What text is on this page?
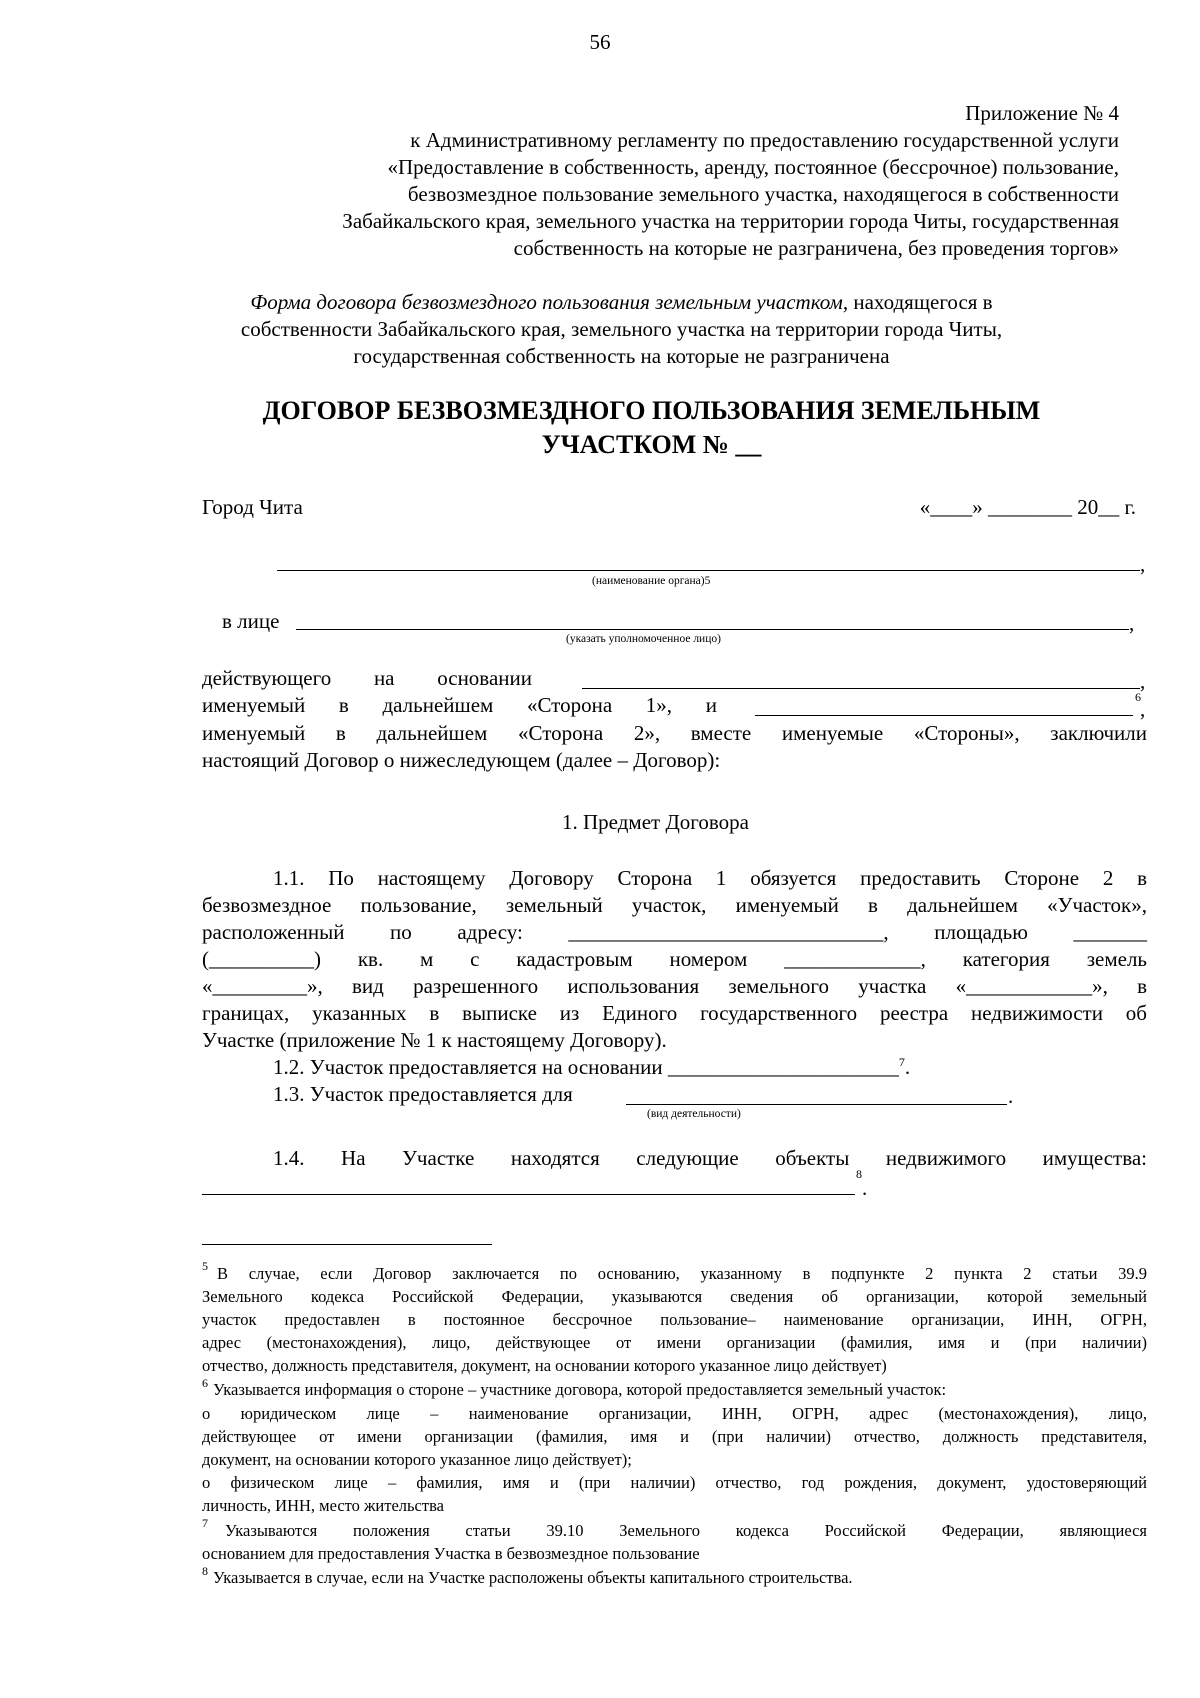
56
Приложение № 4
к Административному регламенту по предоставлению государственной услуги
«Предоставление в собственность, аренду, постоянное (бессрочное) пользование,
безвозмездное пользование земельного участка, находящегося в собственности
Забайкальского края, земельного участка на территории города Читы, государственная
собственность на которые не разграничена, без проведения торгов»
Форма договора безвозмездного пользования земельным участком, находящегося в
собственности Забайкальского края, земельного участка на территории города Читы,
государственная собственность на которые не разграничена
ДОГОВОР БЕЗВОЗМЕЗДНОГО ПОЛЬЗОВАНИЯ ЗЕМЕЛЬНЫМ
УЧАСТКОМ № __
Город Чита	«____» ________ 20__ г.
,
(наименование органа)5
в лице	,
(указать уполномоченное лицо)
действующего на основании	,
именуемый в дальнейшем «Сторона 1», и	6 ,
именуемый в дальнейшем «Сторона 2», вместе именуемые «Стороны», заключили
настоящий Договор о нижеследующем (далее – Договор):
1. Предмет Договора
1.1. По настоящему Договору Сторона 1 обязуется предоставить Стороне 2 в
безвозмездное пользование, земельный участок, именуемый в дальнейшем «Участок»,
расположенный по адресу: ______________________________, площадью _______
(__________) кв. м с кадастровым номером _____________, категория земель
«_________», вид разрешенного использования земельного участка «____________», в
границах, указанных в выписке из Единого государственного реестра недвижимости об
Участке (приложение № 1 к настоящему Договору).
1.2. Участок предоставляется на основании ______________________$^7$.
1.3. Участок предоставляется для	.
(вид деятельности)
1.4. На Участке находятся следующие объекты недвижимого имущества:
8
.
5 В случае, если Договор заключается по основанию, указанному в подпункте 2 пункта 2 статьи 39.9
Земельного кодекса Российской Федерации, указываются сведения об организации, которой земельный
участок предоставлен в постоянное бессрочное пользование– наименование организации, ИНН, ОГРН,
адрес (местонахождения), лицо, действующее от имени организации (фамилия, имя и (при наличии)
отчество, должность представителя, документ, на основании которого указанное лицо действует)
6 Указывается информация о стороне – участнике договора, которой предоставляется земельный участок:
о юридическом лице – наименование организации, ИНН, ОГРН, адрес (местонахождения), лицо,
действующее от имени организации (фамилия, имя и (при наличии) отчество, должность представителя,
документ, на основании которого указанное лицо действует);
о физическом лице – фамилия, имя и (при наличии) отчество, год рождения, документ, удостоверяющий
личность, ИНН, место жительства
7 Указываются положения статьи 39.10 Земельного кодекса Российской Федерации, являющиеся
основанием для предоставления Участка в безвозмездное пользование
8 Указывается в случае, если на Участке расположены объекты капитального строительства.
